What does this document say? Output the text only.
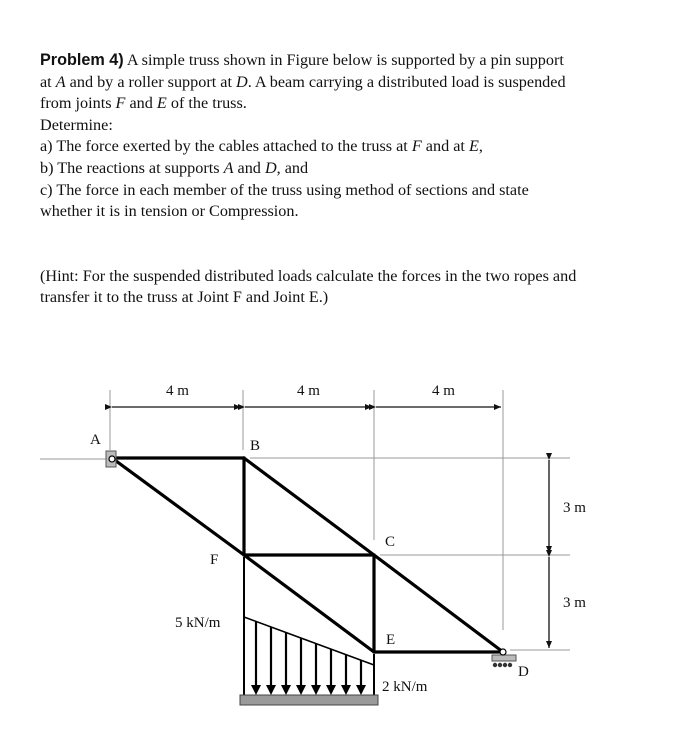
Problem 4) A simple truss shown in Figure below is supported by a pin support

at A and by a roller support at D. A beam carrying a distributed load is suspended

from joints F and E of the truss.

Determine:

a) The force exerted by the cables attached to the truss at F and at E,

b) The reactions at supports A and D, and

c) The force in each member of the truss using method of sections and state

whether it is in tension or Compression.

(Hint: For the suspended distributed loads calculate the forces in the two ropes and

transfer it to the truss at Joint F and Joint E.)

4 m	4 m	4 m
3 m
3 m
A	B
C
D
E
F
5 kN/m
2 kN/m
